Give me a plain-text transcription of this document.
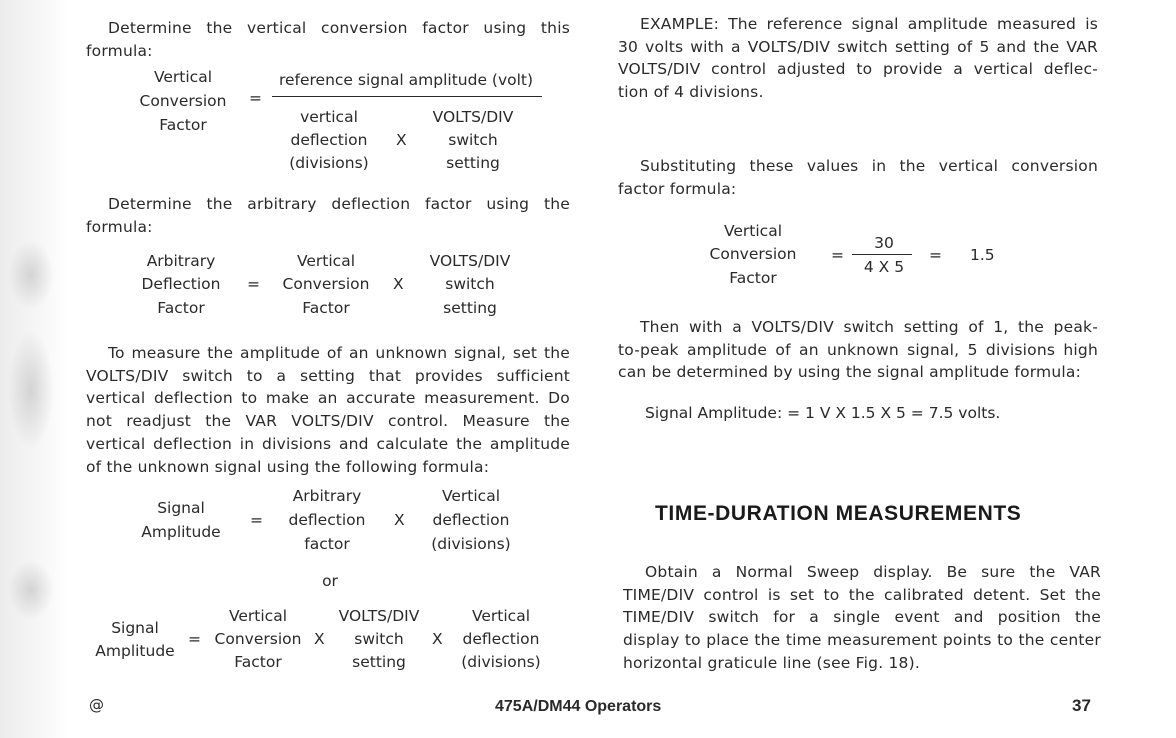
Determine the vertical conversion factor using this
formula:
Vertical
Conversion
Factor
=
reference signal amplitude (volt)
vertical
deflection
(divisions)
X
VOLTS/DIV
switch
setting
Determine the arbitrary deflection factor using the
formula:
Arbitrary
Deflection
Factor
=
Vertical
Conversion
Factor
X
VOLTS/DIV
switch
setting
To measure the amplitude of an unknown signal, set the
VOLTS/DIV switch to a setting that provides sufficient
vertical deflection to make an accurate measurement. Do
not readjust the VAR VOLTS/DIV control. Measure the
vertical deflection in divisions and calculate the amplitude
of the unknown signal using the following formula:
Signal
Amplitude
=
Arbitrary
deflection
factor
X
Vertical
deflection
(divisions)
or
Signal
Amplitude
=
Vertical
Conversion
Factor
X
VOLTS/DIV
switch
setting
X
Vertical
deflection
(divisions)
EXAMPLE: The reference signal amplitude measured is
30 volts with a VOLTS/DIV switch setting of 5 and the VAR
VOLTS/DIV control adjusted to provide a vertical deflec-
tion of 4 divisions.
Substituting these values in the vertical conversion
factor formula:
Vertical
Conversion
Factor
=
30
4 X 5
= 1.5
Then with a VOLTS/DIV switch setting of 1, the peak-
to-peak amplitude of an unknown signal, 5 divisions high
can be determined by using the signal amplitude formula:
Signal Amplitude: = 1 V X 1.5 X 5 = 7.5 volts.
TIME-DURATION MEASUREMENTS
Obtain a Normal Sweep display. Be sure the VAR
TIME/DIV control is set to the calibrated detent. Set the
TIME/DIV switch for a single event and position the
display to place the time measurement points to the center
horizontal graticule line (see Fig. 18).
@	475A/DM44 Operators	37
